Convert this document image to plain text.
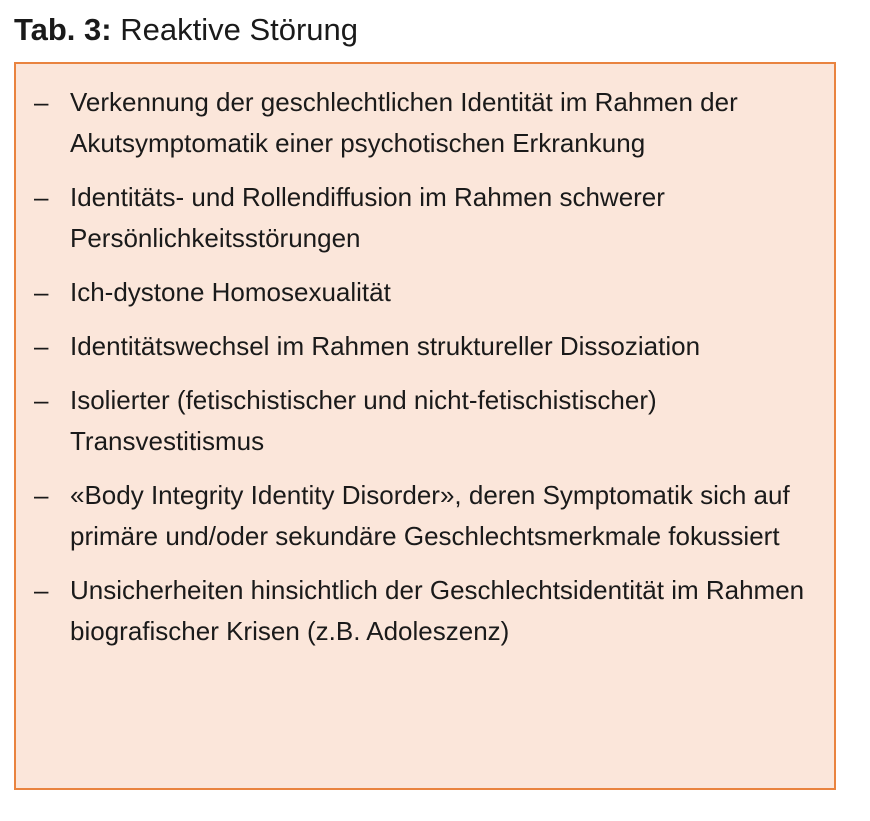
Tab. 3: Reaktive Störung
– Verkennung der geschlechtlichen Identität im Rahmen der Akutsymptomatik einer psychotischen Erkrankung
– Identitäts- und Rollendiffusion im Rahmen schwerer Persönlichkeitsstörungen
– Ich-dystone Homosexualität
– Identitätswechsel im Rahmen struktureller Dissoziation
– Isolierter (fetischistischer und nicht-fetischistischer) Transvestitismus
– «Body Integrity Identity Disorder», deren Symptomatik sich auf primäre und/oder sekundäre Geschlechtsmerkmale fokussiert
– Unsicherheiten hinsichtlich der Geschlechtsidentität im Rahmen biografischer Krisen (z.B. Adoleszenz)
